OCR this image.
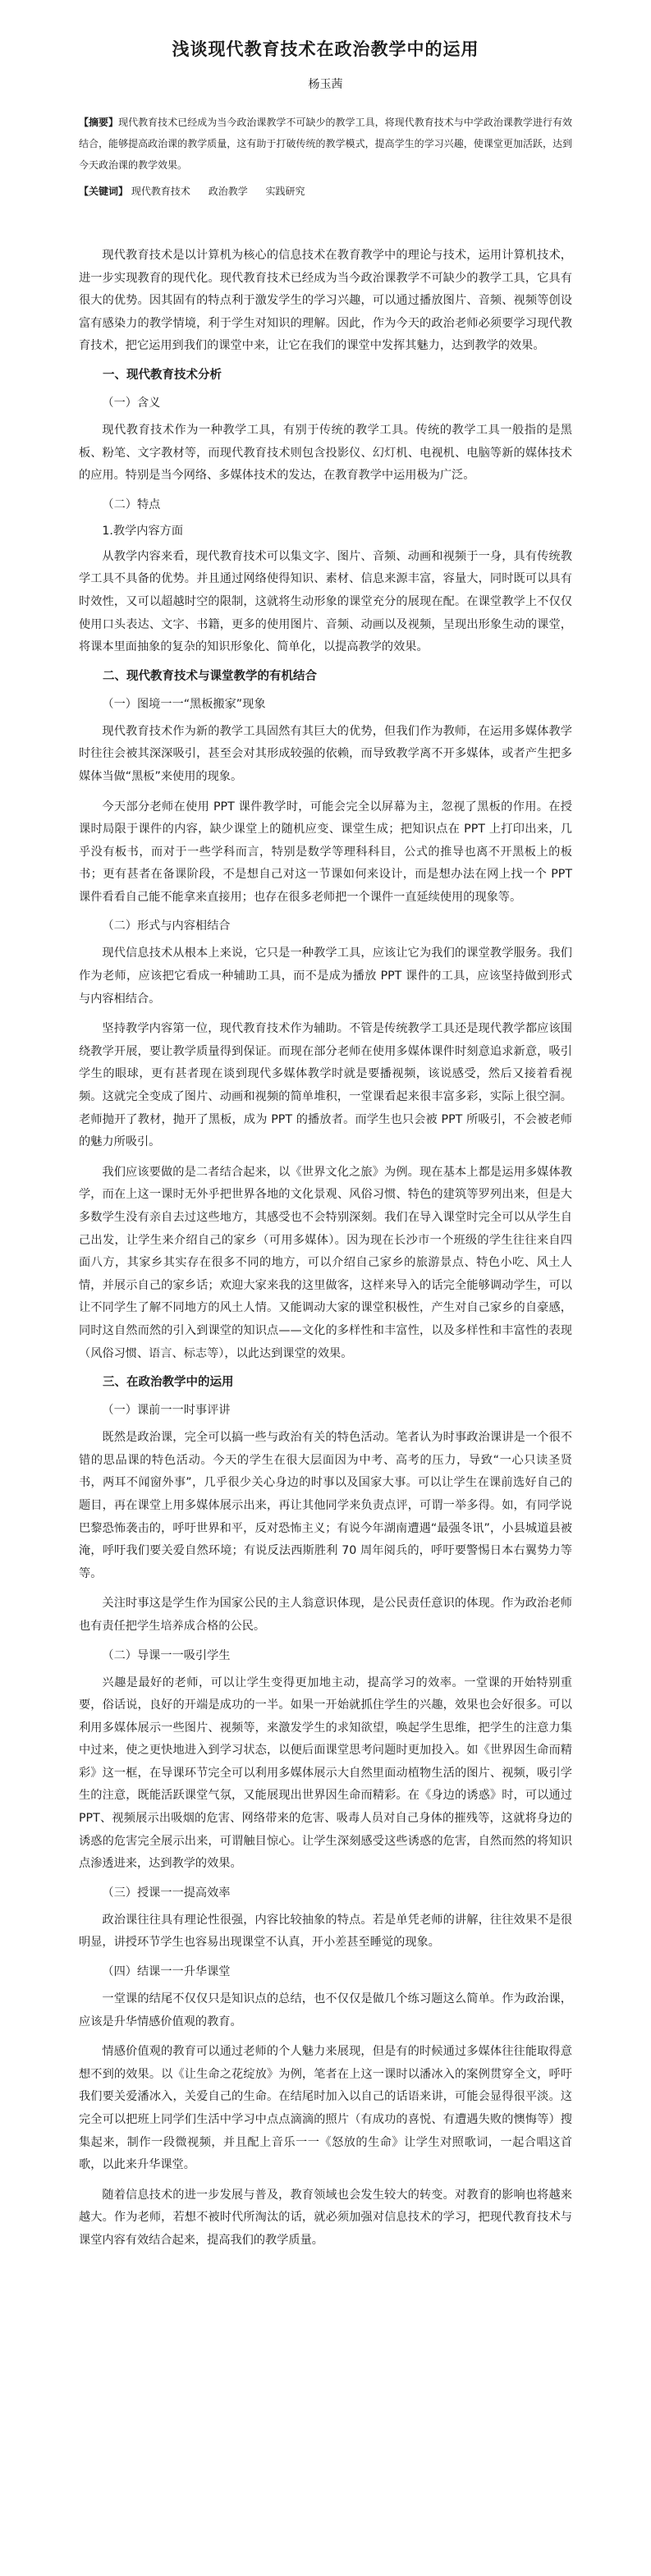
浅谈现代教育技术在政治教学中的运用
杨玉茜
【摘要】现代教育技术已经成为当今政治课教学不可缺少的教学工具，将现代教育技术与中学政治课教学进行有效结合，能够提高政治课的教学质量，这有助于打破传统的教学模式，提高学生的学习兴趣，使课堂更加活跃，达到今天政治课的教学效果。
【关键词】 现代教育技术 政治教学 实践研究

现代教育技术是以计算机为核心的信息技术在教育教学中的理论与技术，运用计算机技术，进一步实现教育的现代化。现代教育技术已经成为当今政治课教学不可缺少的教学工具，它具有很大的优势。因其固有的特点利于激发学生的学习兴趣，可以通过播放图片、音频、视频等创设富有感染力的教学情境，利于学生对知识的理解。因此，作为今天的政治老师必须要学习现代教育技术，把它运用到我们的课堂中来，让它在我们的课堂中发挥其魅力，达到教学的效果。

一、现代教育技术分析
（一）含义

现代教育技术作为一种教学工具，有别于传统的教学工具。传统的教学工具一般指的是黑板、粉笔、文字教材等，而现代教育技术则包含投影仪、幻灯机、电视机、电脑等新的媒体技术的应用。特别是当今网络、多媒体技术的发达，在教育教学中运用极为广泛。

（二）特点
1.教学内容方面

从教学内容来看，现代教育技术可以集文字、图片、音频、动画和视频于一身，具有传统教学工具不具备的优势。并且通过网络使得知识、素材、信息来源丰富，容量大，同时既可以具有时效性，又可以超越时空的限制，这就将生动形象的课堂充分的展现在配。在课堂教学上不仅仅使用口头表达、文字、书籍，更多的使用图片、音频、动画以及视频，呈现出形象生动的课堂，将课本里面抽象的复杂的知识形象化、简单化，以提高教学的效果。

二、现代教育技术与课堂教学的有机结合
（一）图境一一“黑板搬家”现象

现代教育技术作为新的教学工具固然有其巨大的优势，但我们作为教师，在运用多媒体教学时往往会被其深深吸引，甚至会对其形成较强的依赖，而导致教学离不开多媒体，或者产生把多媒体当做“黑板”来使用的现象。

今天部分老师在使用 PPT 课件教学时，可能会完全以屏幕为主，忽视了黑板的作用。在授课时局限于课件的内容，缺少课堂上的随机应变、课堂生成；把知识点在 PPT 上打印出来，几乎没有板书，而对于一些学科而言，特别是数学等理科科目，公式的推导也离不开黑板上的板书；更有甚者在备课阶段，不是想自己对这一节课如何来设计，而是想办法在网上找一个 PPT 课件看看自己能不能拿来直接用；也存在很多老师把一个课件一直延续使用的现象等。

（二）形式与内容相结合

现代信息技术从根本上来说，它只是一种教学工具，应该让它为我们的课堂教学服务。我们作为老师，应该把它看成一种辅助工具，而不是成为播放 PPT 课件的工具，应该坚持做到形式与内容相结合。

坚持教学内容第一位，现代教育技术作为辅助。不管是传统教学工具还是现代教学都应该围绕教学开展，要让教学质量得到保证。而现在部分老师在使用多媒体课件时刻意追求新意，吸引学生的眼球，更有甚者现在谈到现代多媒体教学时就是要播视频，该说感受，然后又接着看视频。这就完全变成了图片、动画和视频的简单堆积，一堂课看起来很丰富多彩，实际上很空洞。老师抛开了教材，抛开了黑板，成为 PPT 的播放者。而学生也只会被 PPT 所吸引，不会被老师的魅力所吸引。

我们应该要做的是二者结合起来，以《世界文化之旅》为例。现在基本上都是运用多媒体教学，而在上这一课时无外乎把世界各地的文化景观、风俗习惯、特色的建筑等罗列出来，但是大多数学生没有亲自去过这些地方，其感受也不会特别深刻。我们在导入课堂时完全可以从学生自己出发，让学生来介绍自己的家乡（可用多媒体）。因为现在长沙市一个班级的学生往往来自四面八方，其家乡其实存在很多不同的地方，可以介绍自己家乡的旅游景点、特色小吃、风土人情，并展示自己的家乡话；欢迎大家来我的这里做客，这样来导入的话完全能够调动学生，可以让不同学生了解不同地方的风土人情。又能调动大家的课堂积极性，产生对自己家乡的自豪感，同时这自然而然的引入到课堂的知识点——文化的多样性和丰富性，以及多样性和丰富性的表现（风俗习惯、语言、标志等），以此达到课堂的效果。

三、在政治教学中的运用
（一）课前一一时事评讲

既然是政治课，完全可以搞一些与政治有关的特色活动。笔者认为时事政治课讲是一个很不错的思品课的特色活动。今天的学生在很大层面因为中考、高考的压力，导致“一心只读圣贤书，两耳不闻窗外事”，几乎很少关心身边的时事以及国家大事。可以让学生在课前选好自己的题目，再在课堂上用多媒体展示出来，再让其他同学来负责点评，可谓一举多得。如，有同学说巴黎恐怖袭击的，呼吁世界和平，反对恐怖主义；有说今年湖南遭遇“最强冬讯”，小县城道县被淹，呼吁我们要关爱自然环境；有说反法西斯胜利 70 周年阅兵的，呼吁要警惕日本右翼势力等等。

关注时事这是学生作为国家公民的主人翁意识体现，是公民责任意识的体现。作为政治老师也有责任把学生培养成合格的公民。

（二）导课一一吸引学生

兴趣是最好的老师，可以让学生变得更加地主动，提高学习的效率。一堂课的开始特别重要，俗话说，良好的开端是成功的一半。如果一开始就抓住学生的兴趣，效果也会好很多。可以利用多媒体展示一些图片、视频等，来激发学生的求知欲望，唤起学生思维，把学生的注意力集中过来，使之更快地进入到学习状态，以便后面课堂思考问题时更加投入。如《世界因生命而精彩》这一框，在导课环节完全可以利用多媒体展示大自然里面动植物生活的图片、视频，吸引学生的注意，既能活跃课堂气氛，又能展现出世界因生命而精彩。在《身边的诱惑》时，可以通过 PPT、视频展示出吸烟的危害、网络带来的危害、吸毒人员对自己身体的摧残等，这就将身边的诱惑的危害完全展示出来，可谓触目惊心。让学生深刻感受这些诱惑的危害，自然而然的将知识点渗透进来，达到教学的效果。

（三）授课一一提高效率

政治课往往具有理论性很强，内容比较抽象的特点。若是单凭老师的讲解，往往效果不是很明显，讲授环节学生也容易出现课堂不认真，开小差甚至睡觉的现象。

（四）结课一一升华课堂

一堂课的结尾不仅仅只是知识点的总结，也不仅仅是做几个练习题这么简单。作为政治课，应该是升华情感价值观的教育。

情感价值观的教育可以通过老师的个人魅力来展现，但是有的时候通过多媒体往往能取得意想不到的效果。以《让生命之花绽放》为例，笔者在上这一课时以潘冰入的案例贯穿全文，呼吁我们要关爱潘冰入，关爱自己的生命。在结尾时加入以自己的话语来讲，可能会显得很平淡。这完全可以把班上同学们生活中学习中点点滴滴的照片（有成功的喜悦、有遭遇失败的懊悔等）搜集起来，制作一段微视频，并且配上音乐一一《怒放的生命》让学生对照歌词，一起合唱这首歌，以此来升华课堂。

随着信息技术的进一步发展与普及，教育领域也会发生较大的转变。对教育的影响也将越来越大。作为老师，若想不被时代所淘汰的话，就必须加强对信息技术的学习，把现代教育技术与课堂内容有效结合起来，提高我们的教学质量。
